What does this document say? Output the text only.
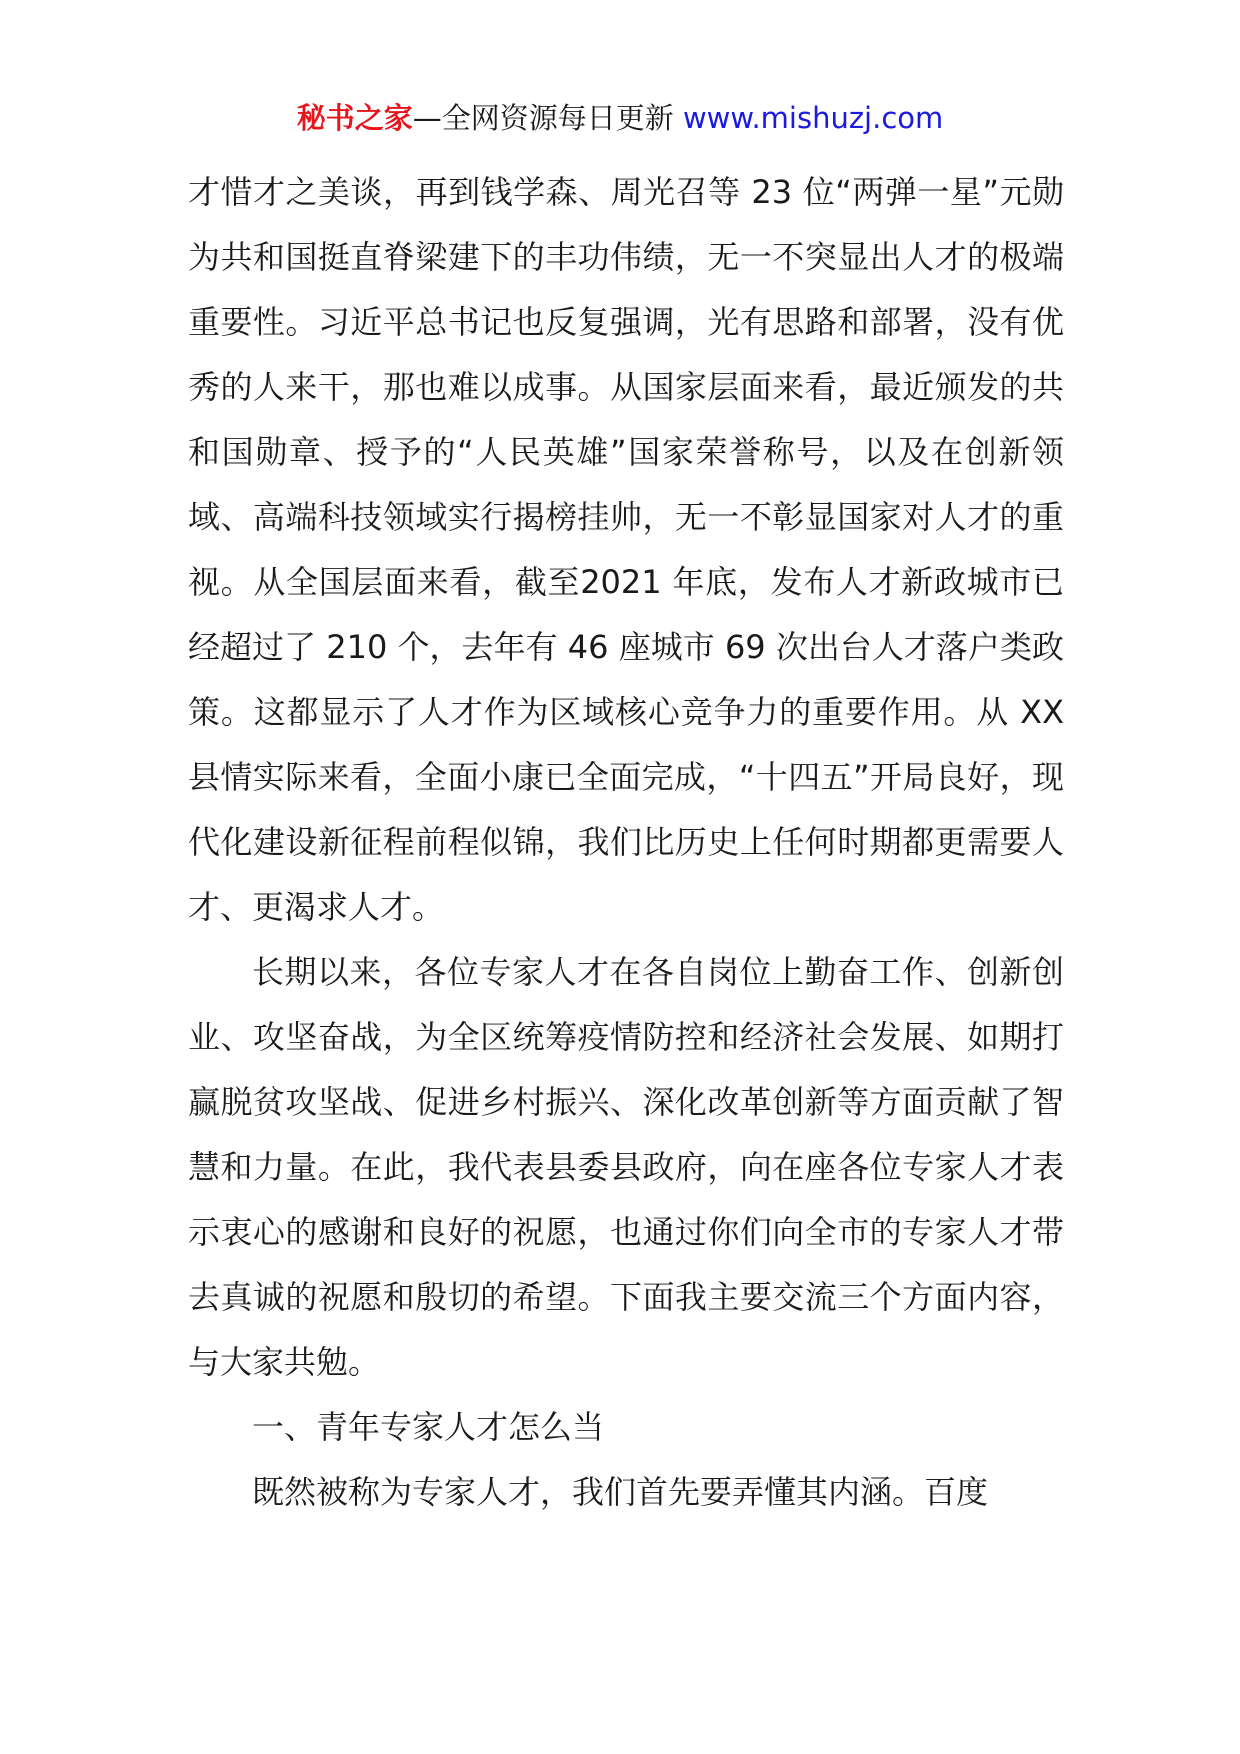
秘书之家—全网资源每日更新 www.mishuzj.com

才惜才之美谈，再到钱学森、周光召等 23 位“两弹一星”元勋为共和国挺直脊梁建下的丰功伟绩，无一不突显出人才的极端重要性。习近平总书记也反复强调，光有思路和部署，没有优秀的人来干，那也难以成事。从国家层面来看，最近颁发的共和国勋章、授予的“人民英雄”国家荣誉称号，以及在创新领域、高端科技领域实行揭榜挂帅，无一不彰显国家对人才的重视。从全国层面来看，截至2021 年底，发布人才新政城市已经超过了 210 个，去年有 46 座城市 69 次出台人才落户类政策。这都显示了人才作为区域核心竞争力的重要作用。从 XX 县情实际来看，全面小康已全面完成，“十四五”开局良好，现代化建设新征程前程似锦，我们比历史上任何时期都更需要人才、更渴求人才。

长期以来，各位专家人才在各自岗位上勤奋工作、创新创业、攻坚奋战，为全区统筹疫情防控和经济社会发展、如期打赢脱贫攻坚战、促进乡村振兴、深化改革创新等方面贡献了智慧和力量。在此，我代表县委县政府，向在座各位专家人才表示衷心的感谢和良好的祝愿，也通过你们向全市的专家人才带去真诚的祝愿和殷切的希望。下面我主要交流三个方面内容，与大家共勉。

一、青年专家人才怎么当

既然被称为专家人才，我们首先要弄懂其内涵。百度
